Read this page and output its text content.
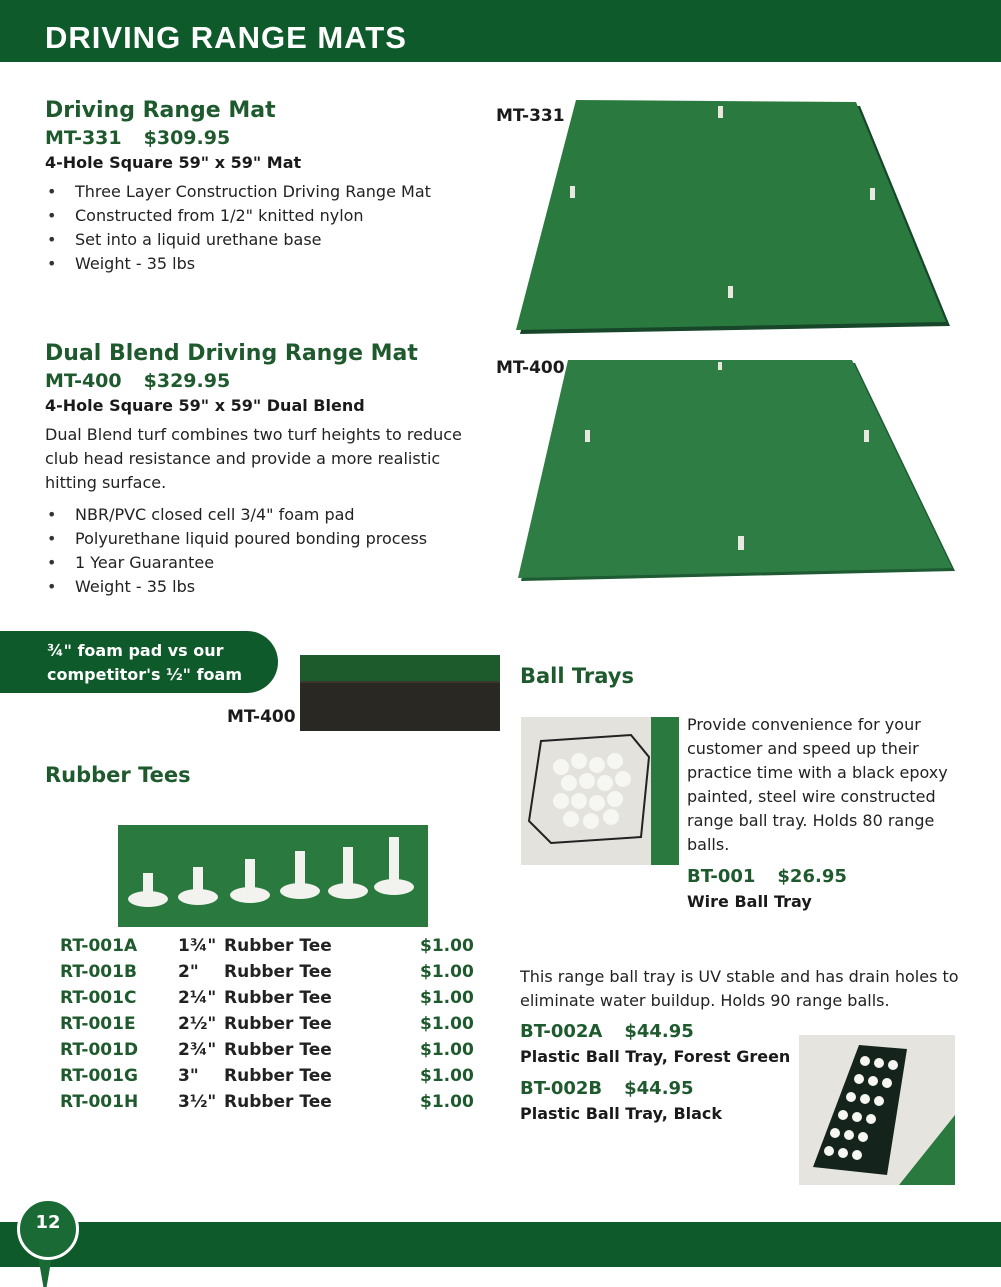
DRIVING RANGE MATS
Driving Range Mat
MT-331 $309.95
4-Hole Square 59" x 59" Mat
• Three Layer Construction Driving Range Mat
• Constructed from 1/2" knitted nylon
• Set into a liquid urethane base
• Weight - 35 lbs
MT-331
Dual Blend Driving Range Mat
MT-400 $329.95
4-Hole Square 59" x 59" Dual Blend
Dual Blend turf combines two turf heights to reduce club head resistance and provide a more realistic hitting surface.
• NBR/PVC closed cell 3/4" foam pad
• Polyurethane liquid poured bonding process
• 1 Year Guarantee
• Weight - 35 lbs
MT-400
¾" foam pad vs our
competitor's ½" foam
MT-400
Rubber Tees
RT-001A 1¾" Rubber Tee	$1.00
RT-001B 2" Rubber Tee	$1.00
RT-001C 2¼" Rubber Tee	$1.00
RT-001E 2½" Rubber Tee	$1.00
RT-001D 2¾" Rubber Tee	$1.00
RT-001G 3" Rubber Tee	$1.00
RT-001H 3½" Rubber Tee	$1.00
Ball Trays
Provide convenience for your
customer and speed up their
practice time with a black epoxy
painted, steel wire constructed
range ball tray. Holds 80 range
balls.
BT-001 $26.95
Wire Ball Tray
This range ball tray is UV stable and has drain holes to
eliminate water buildup. Holds 90 range balls.
BT-002A $44.95
Plastic Ball Tray, Forest Green
BT-002B $44.95
Plastic Ball Tray, Black
12
